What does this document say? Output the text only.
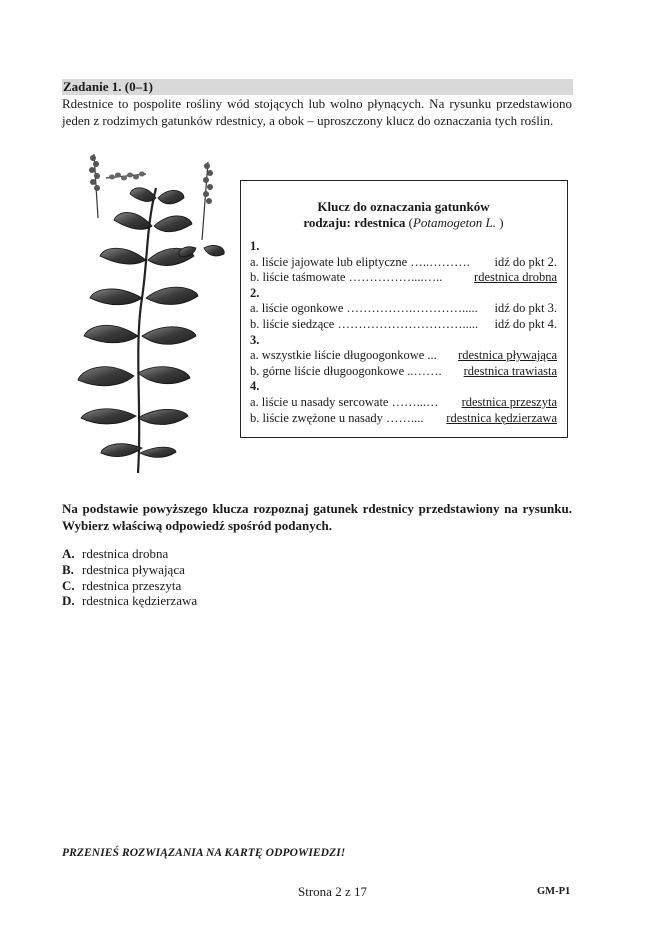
Zadanie 1. (0–1)
Rdestnice to pospolite rośliny wód stojących lub wolno płynących. Na rysunku przedstawiono jeden z rodzimych gatunków rdestnicy, a obok – uproszczony klucz do oznaczania tych roślin.
Klucz do oznaczania gatunków
rodzaju: rdestnica (Potamogeton L. )
1.
a. liście jajowate lub eliptyczne …..………. idź do pkt 2.
b. liście taśmowate ……………....…..	rdestnica drobna
2.
a. liście ogonkowe …………….…………..... idź do pkt 3.
b. liście siedzące …………………………..... idź do pkt 4.
3.
a. wszystkie liście długoogonkowe ... rdestnica pływająca
b. górne liście długoogonkowe ..……. rdestnica trawiasta
4.
a. liście u nasady sercowate ……...… rdestnica przeszyta
b. liście zwężone u nasady …….... rdestnica kędzierzawa
Na podstawie powyższego klucza rozpoznaj gatunek rdestnicy przedstawiony na rysunku. Wybierz właściwą odpowiedź spośród podanych.
A. rdestnica drobna
B. rdestnica pływająca
C. rdestnica przeszyta
D. rdestnica kędzierzawa
PRZENIEŚ ROZWIĄZANIA NA KARTĘ ODPOWIEDZI!
Strona 2 z 17	GM-P1
